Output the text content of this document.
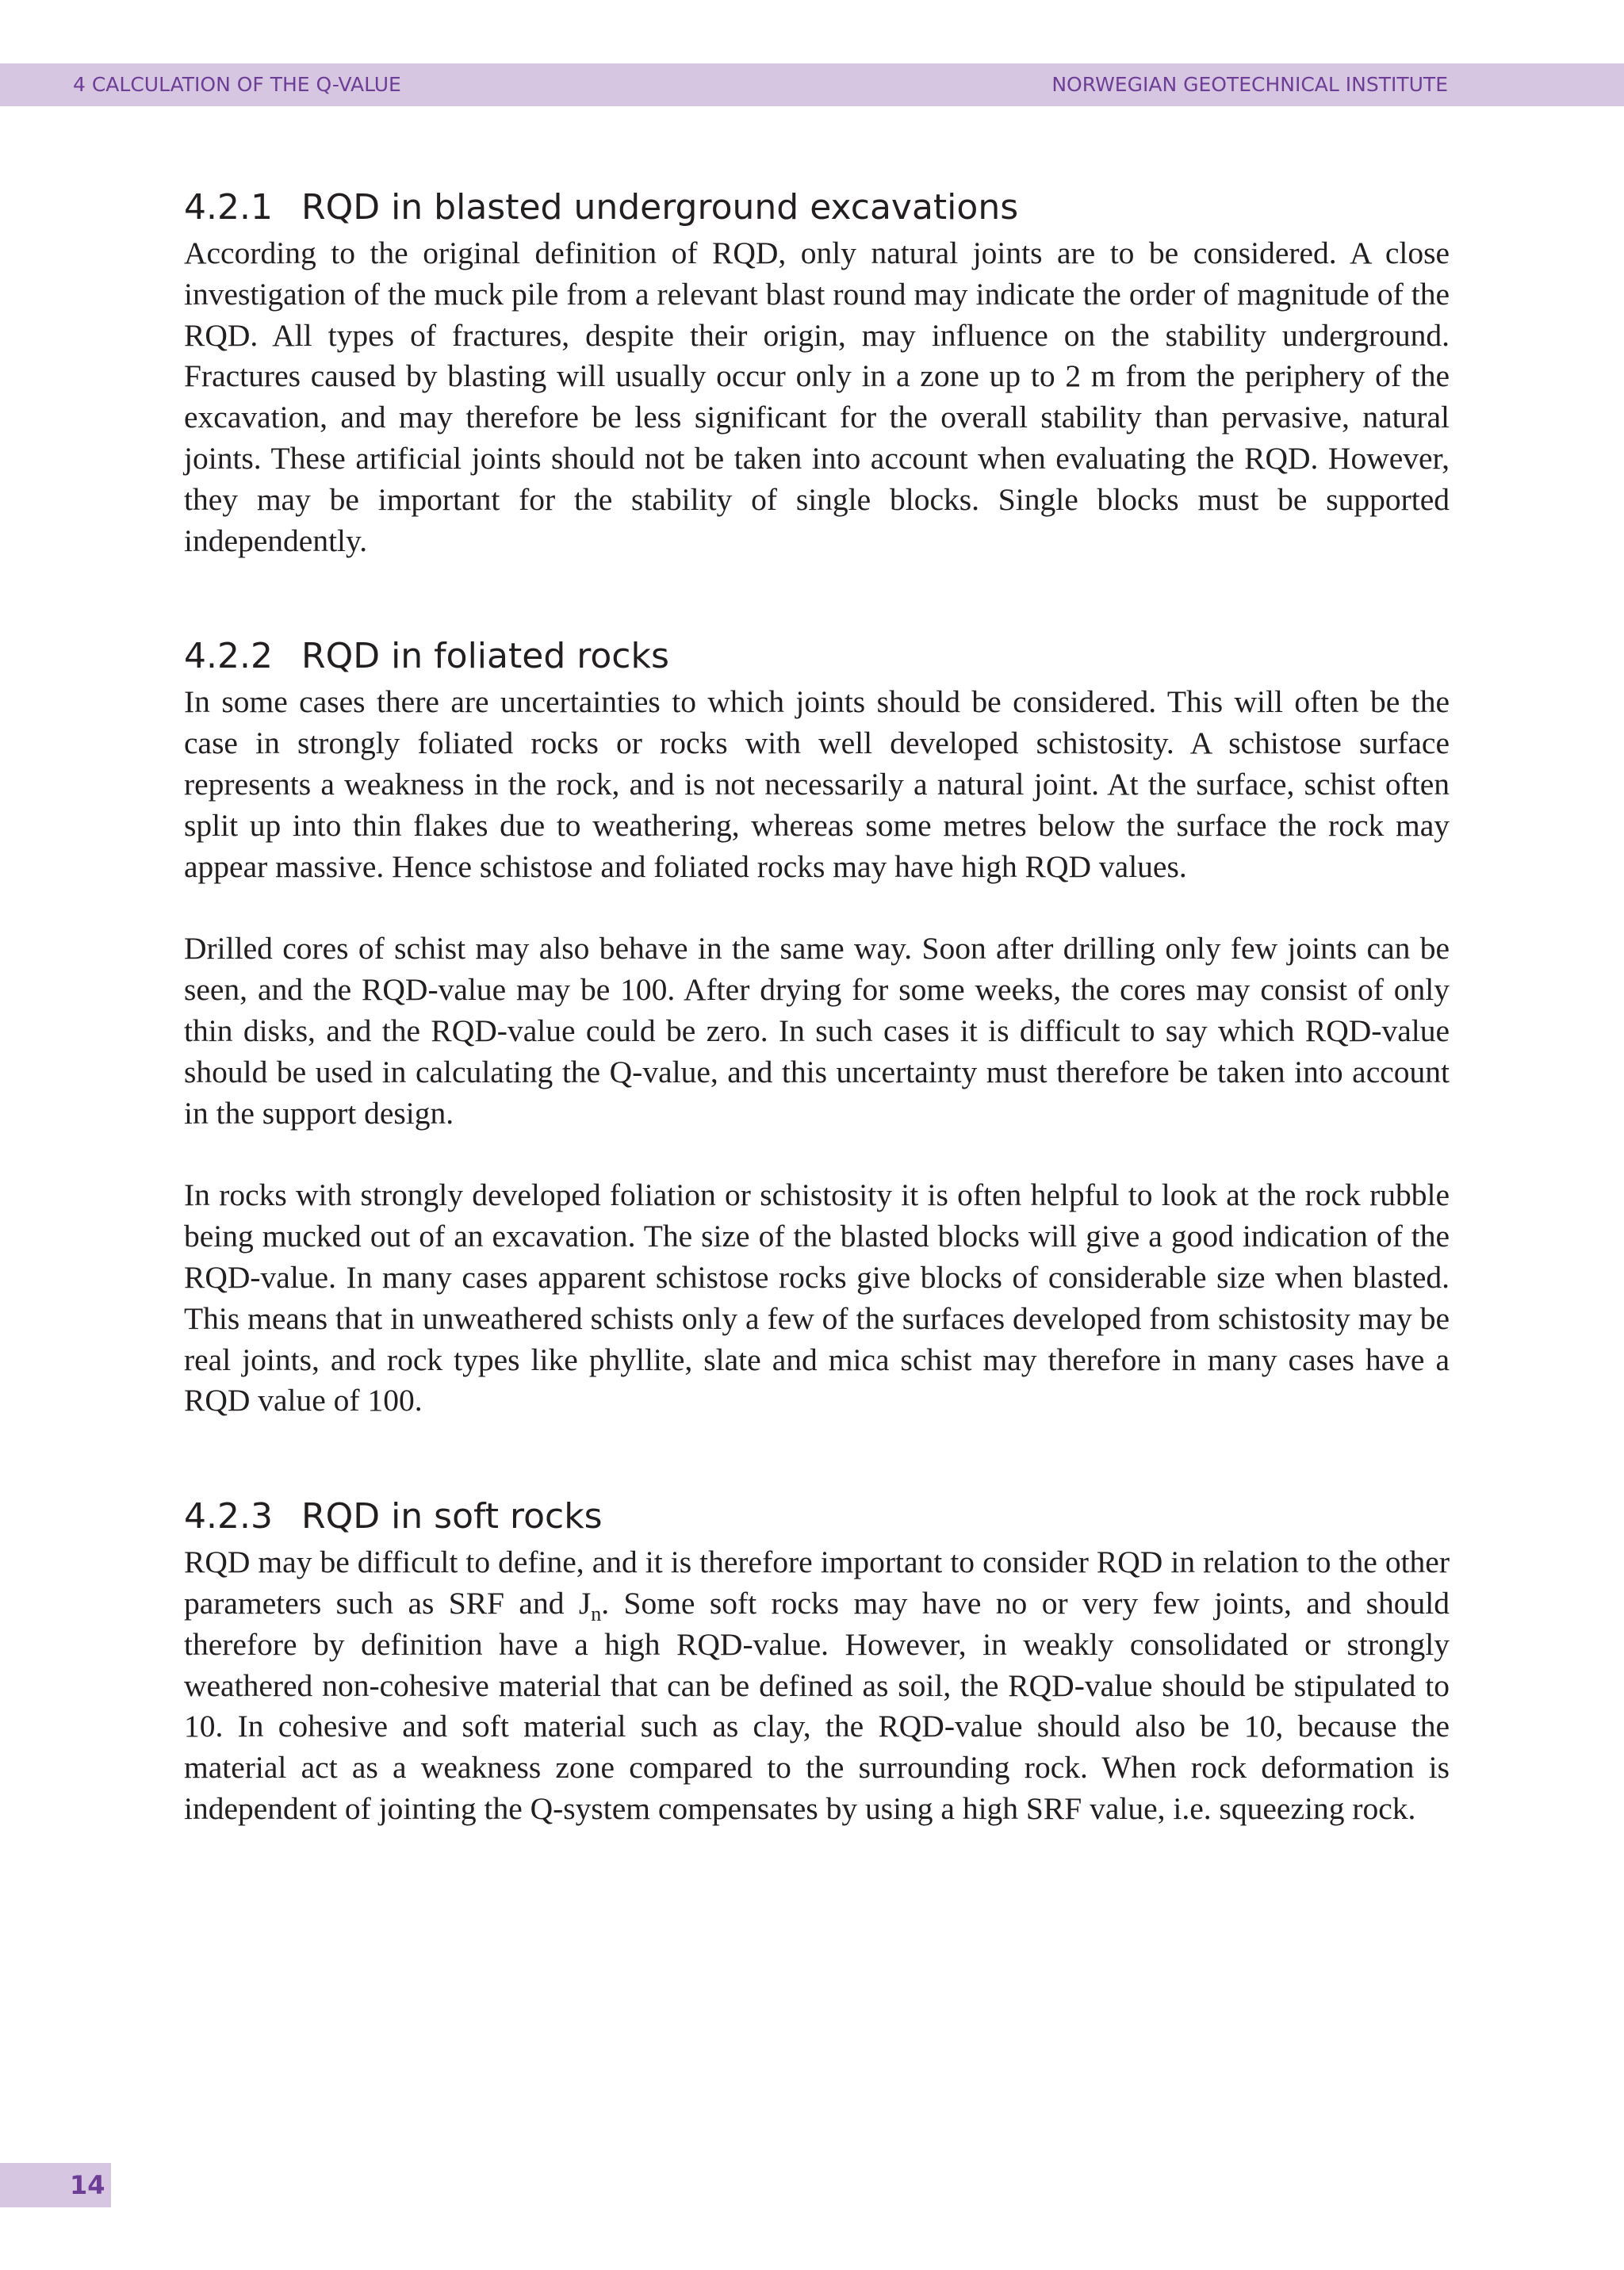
4 CALCULATION OF THE Q-VALUE	NORWEGIAN GEOTECHNICAL INSTITUTE
4.2.1 RQD in blasted underground excavations

According to the original definition of RQD, only natural joints are to be considered. A close investigation of the muck pile from a relevant blast round may indicate the order of magnitude of the RQD. All types of fractures, despite their origin, may influence on the stability underground. Fractures caused by blasting will usually occur only in a zone up to 2 m from the periphery of the excavation, and may therefore be less significant for the overall stability than pervasive, natural joints. These artificial joints should not be taken into account when evaluating the RQD. However, they may be important for the stability of single blocks. Single blocks must be supported independently.

4.2.2 RQD in foliated rocks

In some cases there are uncertainties to which joints should be considered. This will often be the case in strongly foliated rocks or rocks with well developed schistosity. A schistose surface represents a weakness in the rock, and is not necessarily a natural joint. At the surface, schist often split up into thin flakes due to weathering, whereas some metres below the surface the rock may appear massive. Hence schistose and foliated rocks may have high RQD values.

Drilled cores of schist may also behave in the same way. Soon after drilling only few joints can be seen, and the RQD-value may be 100. After drying for some weeks, the cores may consist of only thin disks, and the RQD-value could be zero. In such cases it is difficult to say which RQD-value should be used in calculating the Q-value, and this uncertainty must therefore be taken into account in the support design.

In rocks with strongly developed foliation or schistosity it is often helpful to look at the rock rubble being mucked out of an excavation. The size of the blasted blocks will give a good indication of the RQD-value. In many cases apparent schistose rocks give blocks of considerable size when blasted. This means that in unweathered schists only a few of the surfaces developed from schistosity may be real joints, and rock types like phyllite, slate and mica schist may therefore in many cases have a RQD value of 100.

4.2.3 RQD in soft rocks

RQD may be difficult to define, and it is therefore important to consider RQD in relation to the other parameters such as SRF and $J_n$. Some soft rocks may have no or very few joints, and should therefore by definition have a high RQD-value. However, in weakly consolidated or strongly weathered non-cohesive material that can be defined as soil, the RQD-value should be stipulated to 10. In cohesive and soft material such as clay, the RQD-value should also be 10, because the material act as a weakness zone compared to the surrounding rock. When rock deformation is independent of jointing the Q-system compensates by using a high SRF value, i.e. squeezing rock.

14
